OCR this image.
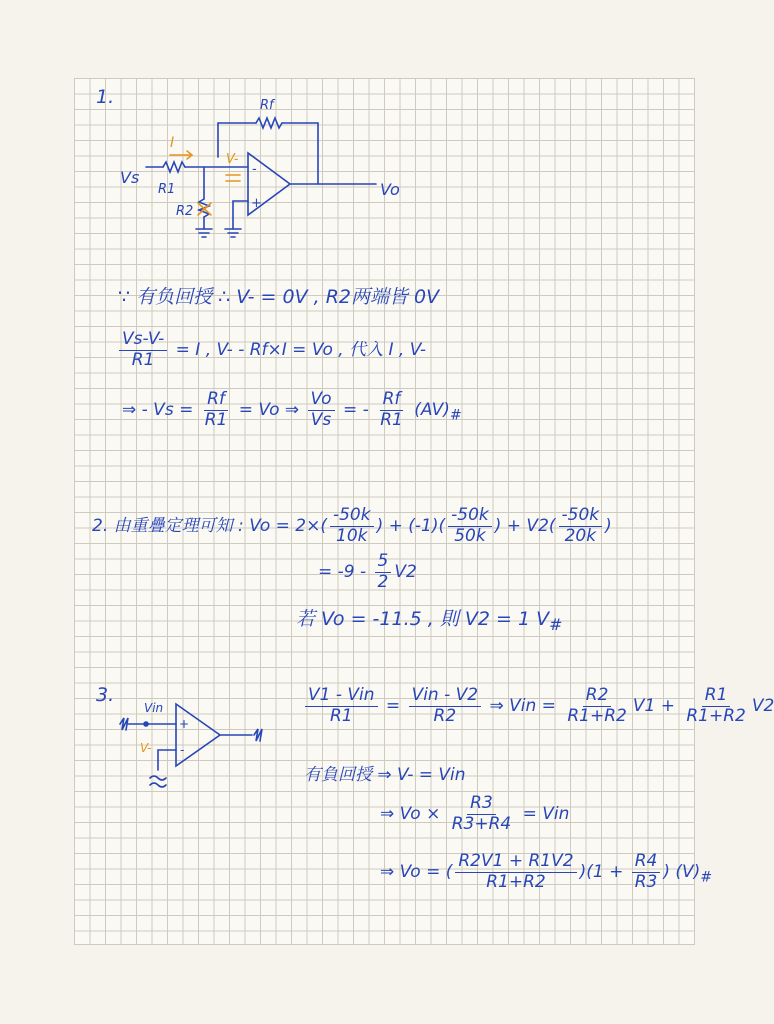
1.	Rf
I
Vs
R1
R2
V-
Vo
-
+
∵ 有负回授 ∴ V- = 0V , R2两端皆 0V
$\frac{Vs-V-}{R1} = I$ , V- - Rf×I = Vo , 代入 I , V-
⇒ - $Vs = \frac{Rf}{R1} = Vo$ ⇒ $\frac{Vo}{Vs}$ = - $\frac{Rf}{R1} (AV)_{\#}$
2. 由重疊定理可知 : $Vo = 2\times( \frac{-50k}{10k}$ ) + $(-1)( \frac{-50k}{50k}$ ) + $V2( \frac{-50k}{20k}$ )
= $-9 - \frac{5}{2} V2$
若 Vo = -11.5 , 則 V2 = 1 $V_{\#}$
3.
Vin
V-
+
-
$\frac{\text{V1 - Vin}}{R1} = \frac{\text{Vin - V2}}{R2}$ ⇒ Vin = $\frac{R2}{R1+R2} V1 + \frac{R1}{R1+R2} V2$
有負回授 ⇒ V- = Vin
⇒ $Vo \times \frac{R3}{R3+R4}$ = Vin
⇒ Vo = ( $\frac{R2V1 + R1V2}{R1+R2} )(1 + \frac{R4}{R3}$ ) $(V)_{\#}$
